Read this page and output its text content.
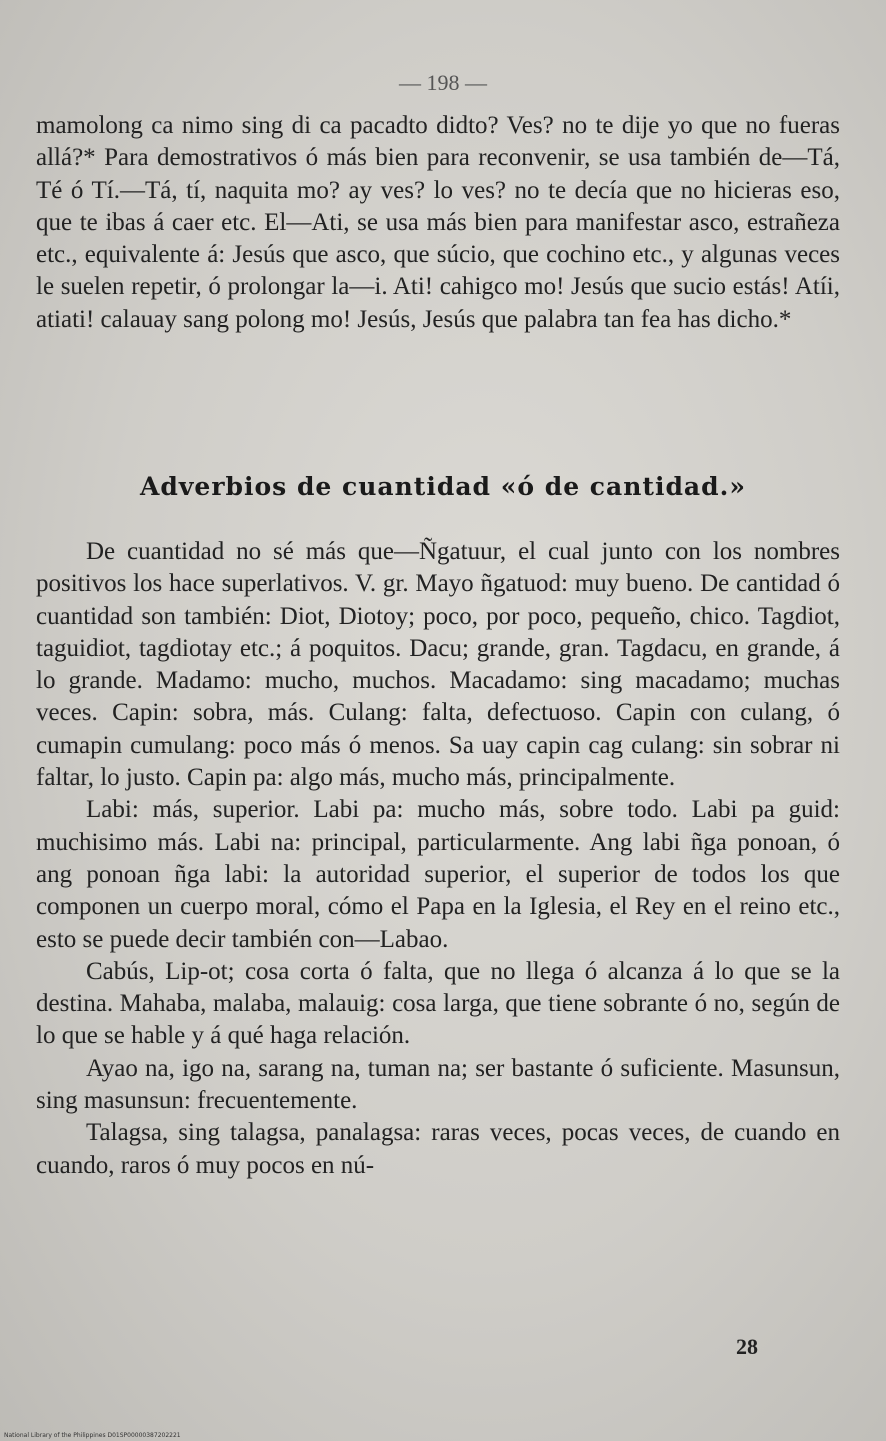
— 198 —

mamolong ca nimo sing di ca pacadto didto? Ves? no te dije yo que no fueras allá?* Para demostrativos ó más bien para reconvenir, se usa también de—Tá, Té ó Tí.—Tá, tí, naquita mo? ay ves? lo ves? no te decía que no hicieras eso, que te ibas á caer etc. El—Ati, se usa más bien para manifestar asco, estrañeza etc., equivalente á: Jesús que asco, que súcio, que cochino etc., y algunas veces le suelen repetir, ó prolongar la—i. Ati! cahigco mo! Jesús que sucio estás! Atíi, atiati! calauay sang polong mo! Jesús, Jesús que palabra tan fea has dicho.*

Adverbios de cuantidad «ó de cantidad.»

De cuantidad no sé más que—Ñgatuur, el cual junto con los nombres positivos los hace superlativos. V. gr. Mayo ñgatuod: muy bueno. De cantidad ó cuantidad son también: Diot, Diotoy; poco, por poco, pequeño, chico. Tagdiot, taguidiot, tagdiotay etc.; á poquitos. Dacu; grande, gran. Tagdacu, en grande, á lo grande. Madamo: mucho, muchos. Macadamo: sing macadamo; muchas veces. Capin: sobra, más. Culang: falta, defectuoso. Capin con culang, ó cumapin cumulang: poco más ó menos. Sa uay capin cag culang: sin sobrar ni faltar, lo justo. Capin pa: algo más, mucho más, principalmente.

Labi: más, superior. Labi pa: mucho más, sobre todo. Labi pa guid: muchisimo más. Labi na: principal, particularmente. Ang labi ñga ponoan, ó ang ponoan ñga labi: la autoridad superior, el superior de todos los que componen un cuerpo moral, cómo el Papa en la Iglesia, el Rey en el reino etc., esto se puede decir también con—Labao.

Cabús, Lip-ot; cosa corta ó falta, que no llega ó alcanza á lo que se la destina. Mahaba, malaba, malauig: cosa larga, que tiene sobrante ó no, según de lo que se hable y á qué haga relación.

Ayao na, igo na, sarang na, tuman na; ser bastante ó suficiente. Masunsun, sing masunsun: frecuentemente.

Talagsa, sing talagsa, panalagsa: raras veces, pocas veces, de cuando en cuando, raros ó muy pocos en nú-

28
National Library of the Philippines D01SP00000387202221
